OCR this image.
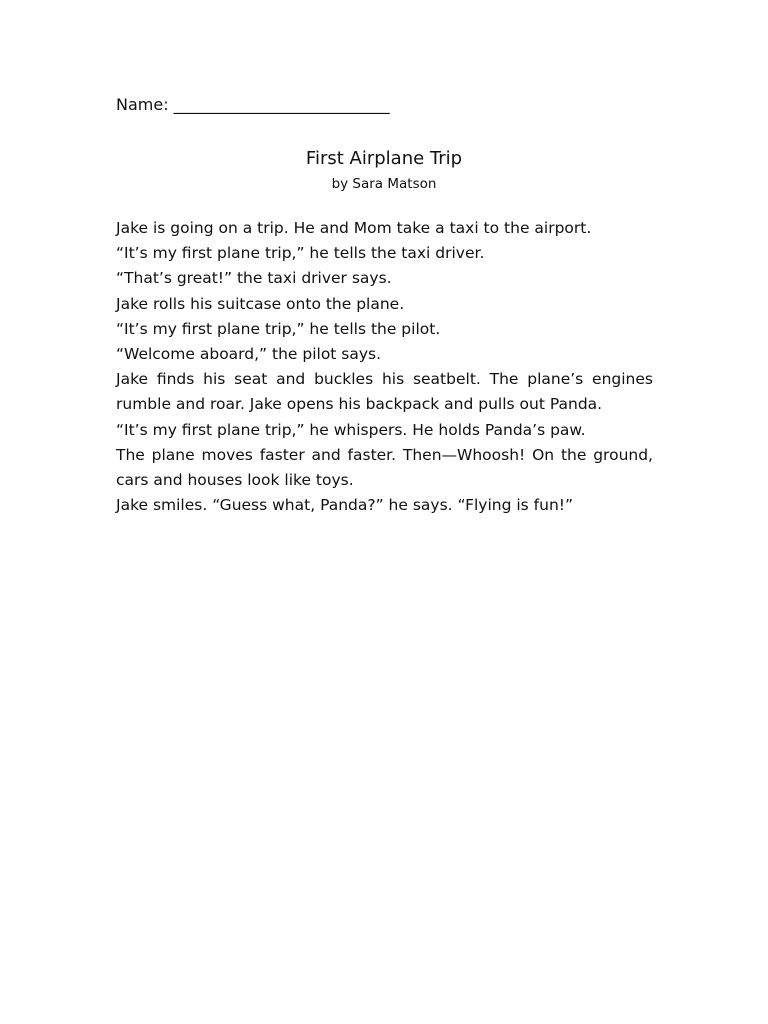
Name: ___________________________
First Airplane Trip
by Sara Matson

Jake is going on a trip. He and Mom take a taxi to the airport.

“It’s my first plane trip,” he tells the taxi driver.

“That’s great!” the taxi driver says.

Jake rolls his suitcase onto the plane.

“It’s my first plane trip,” he tells the pilot.

“Welcome aboard,” the pilot says.

Jake finds his seat and buckles his seatbelt. The plane’s engines rumble and roar. Jake opens his backpack and pulls out Panda.

“It’s my first plane trip,” he whispers. He holds Panda’s paw.

The plane moves faster and faster. Then—Whoosh! On the ground, cars and houses look like toys.

Jake smiles. “Guess what, Panda?” he says. “Flying is fun!”
